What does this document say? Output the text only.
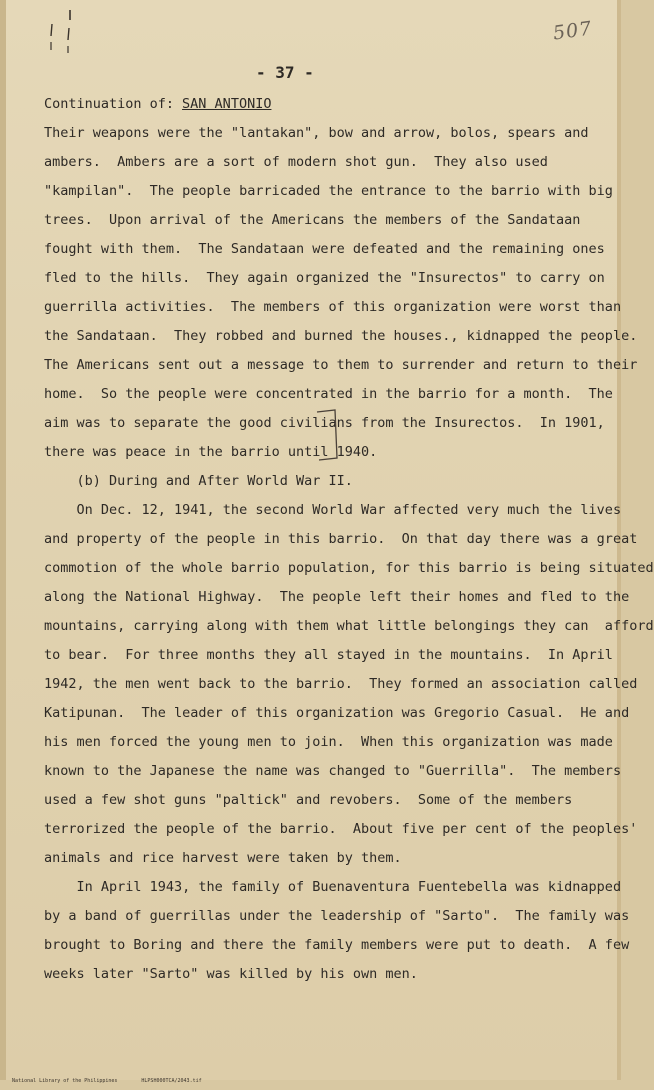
507
- 37 -
Continuation of: SAN ANTONIO
Their weapons were the "lantakan", bow and arrow, bolos, spears and
ambers.  Ambers are a sort of modern shot gun.  They also used
"kampilan".  The people barricaded the entrance to the barrio with big
trees.  Upon arrival of the Americans the members of the Sandataan
fought with them.  The Sandataan were defeated and the remaining ones
fled to the hills.  They again organized the "Insurectos" to carry on
guerrilla activities.  The members of this organization were worst than
the Sandataan.  They robbed and burned the houses., kidnapped the people.
The Americans sent out a message to them to surrender and return to their
home.  So the people were concentrated in the barrio for a month.  The
aim was to separate the good civilians from the Insurectos.  In 1901,
there was peace in the barrio until 1940.
(b) During and After World War II.
On Dec. 12, 1941, the second World War affected very much the lives
and property of the people in this barrio.  On that day there was a great
commotion of the whole barrio population, for this barrio is being situated
along the National Highway.  The people left their homes and fled to the
mountains, carrying along with them what little belongings they can  afford
to bear.  For three months they all stayed in the mountains.  In April
1942, the men went back to the barrio.  They formed an association called
Katipunan.  The leader of this organization was Gregorio Casual.  He and
his men forced the young men to join.  When this organization was made
known to the Japanese the name was changed to "Guerrilla".  The members
used a few shot guns "paltick" and revobers.  Some of the members
terrorized the people of the barrio.  About five per cent of the peoples'
animals and rice harvest were taken by them.
In April 1943, the family of Buenaventura Fuentebella was kidnapped
by a band of guerrillas under the leadership of "Sarto".  The family was
brought to Boring and there the family members were put to death.  A few
weeks later "Sarto" was killed by his own men.

National Library of the Philippines	HLPSH000TCA/2043.tif
